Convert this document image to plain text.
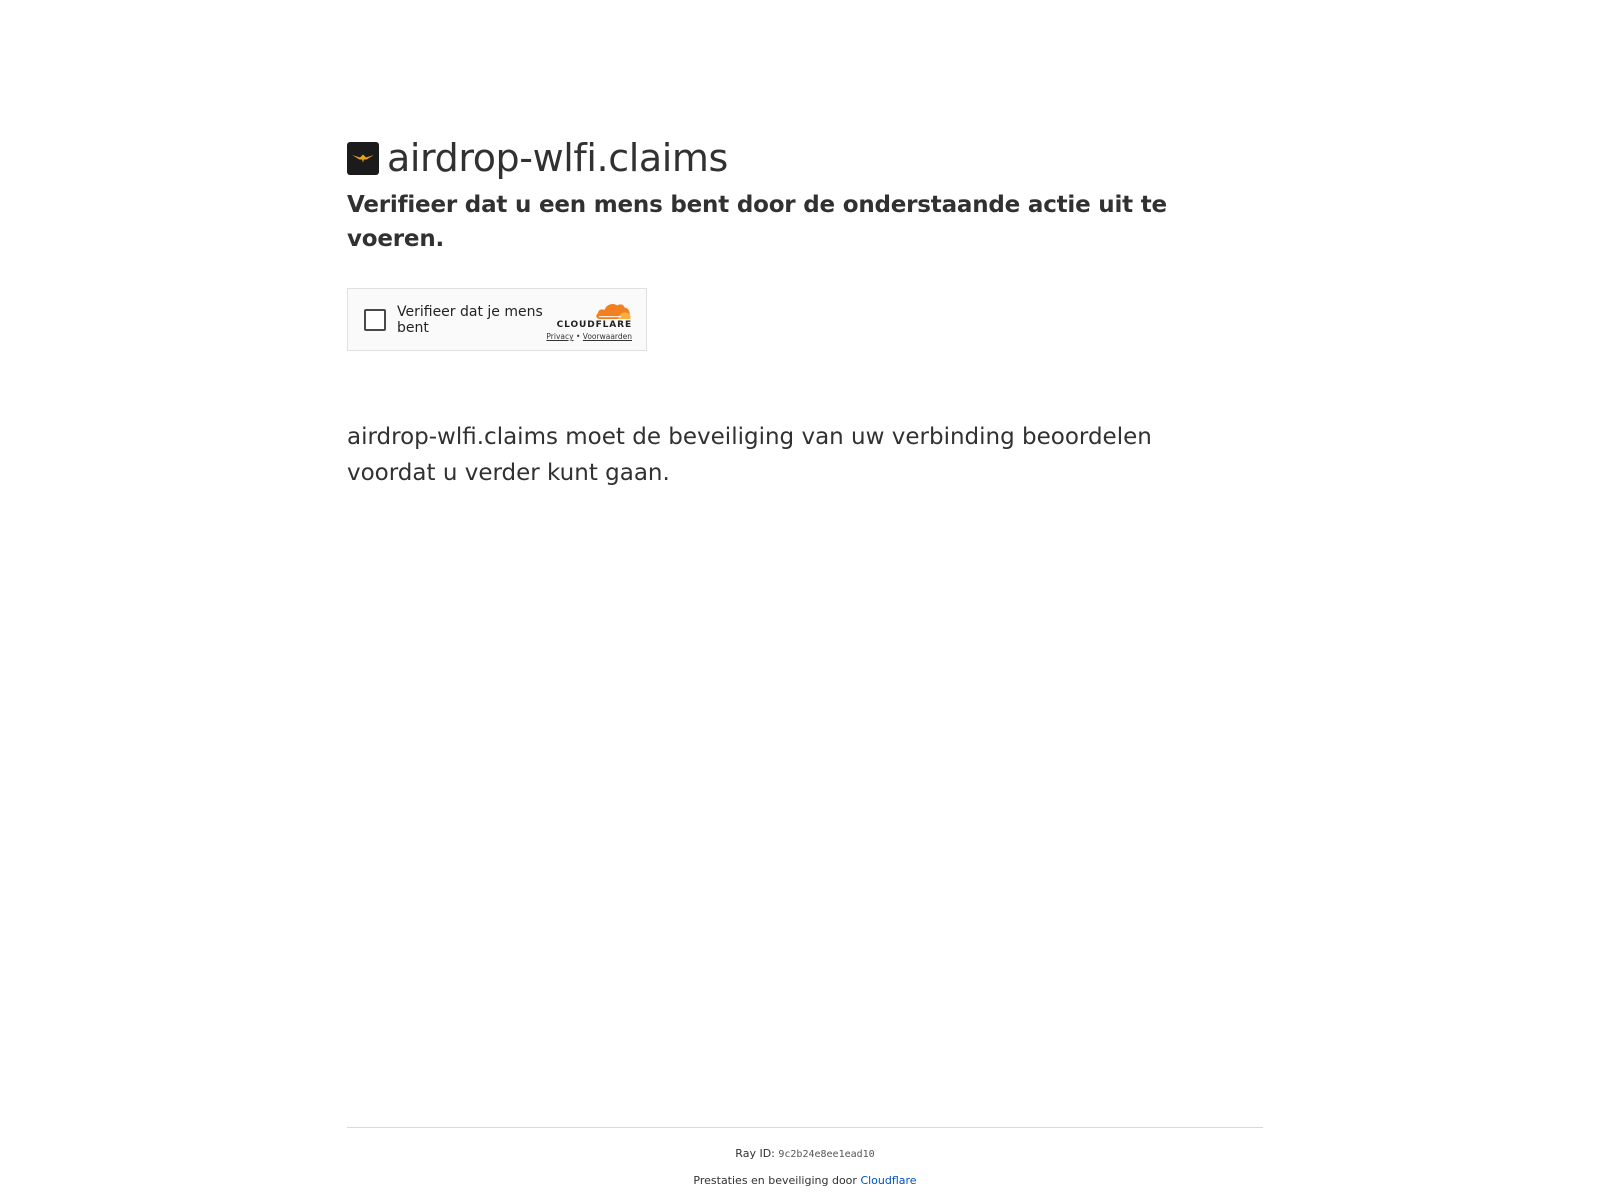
airdrop-wlfi.claims
Verifieer dat u een mens bent door de onderstaande actie uit te voeren.
Verifieer dat je mens bent	CLOUDFLARE
Privacy • Voorwaarden
airdrop-wlfi.claims moet de beveiliging van uw verbinding beoordelen voordat u verder kunt gaan.
Ray ID: 9c2b24e8ee1ead10
Prestaties en beveiliging door Cloudflare
